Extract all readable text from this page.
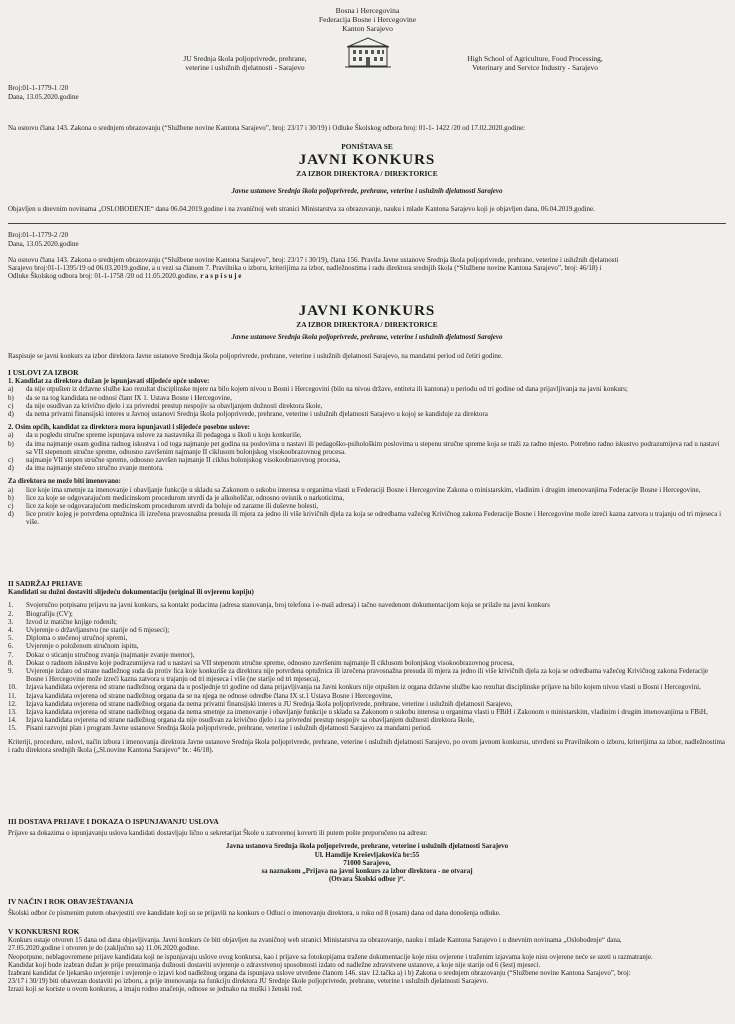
Bosna i Hercegovina
Federacija Bosne i Hercegovine
Kanton Sarajevo
JU Srednja škola poljoprivrede, prehrane,
veterine i uslužnih djelatnosti - Sarajevo
High School of Agriculture, Food Processing,
Veterinary and Service Industry - Sarajevo
Broj:01-1-1779-1 /20
Dana, 13.05.2020.godine
Na osnovu člana 143. Zakona o srednjem obrazovanju (“Službene novine Kantona Sarajevo”, broj: 23/17 i 30/19) i Odluke Školskog odbora broj: 01-1- 1422 /20 od 17.02.2020.godine:
PONIŠTAVA SE
JAVNI KONKURS
ZA IZBOR DIREKTORA / DIREKTORICE
Javne ustanove Srednja škola poljoprivrede, prehrane, veterine i uslužnih djelatnosti Sarajevo
Objavljen u dnevnim novinama „OSLOBOĐENJE“ dana 06.04.2019.godine i na zvaničnoj web stranici Ministarstva za obrazovanje, nauku i mlade Kantona Sarajevo koji je objavljen dana, 06.04.2019.godine.
Broj:01-1-1779-2 /20
Dana, 13.05.2020.godine
Na osnovu člana 143. Zakona o srednjem obrazovanju (“Službene novine Kantona Sarajevo”, broj: 23/17 i 30/19), člana 156. Pravila Javne ustanove Srednja škola poljoprivrede, prehrane, veterine i uslužnih djelatnosti
Sarajevo broj:01-1-1395/19 od 06.03.2019.godine, a u vezi sa članom 7. Pravilnika o izboru, kriterijima za izbor, nadležnostima i radu direktora srednjih škola (“Službene novine Kantona Sarajevo”, broj: 46/18) i
Odluke Školskog odbora broj: 01-1-1758 /20 od 11.05.2020.godine, r a s p i s u j e
JAVNI KONKURS
ZA IZBOR DIREKTORA / DIREKTORICE
Javne ustanove Srednja škola poljoprivrede, prehrane, veterine i uslužnih djelatnosti Sarajevo
Raspisuje se javni konkurs za izbor direktora Javne ustanove Srednja škola poljoprivrede, prehrane, veterine i uslužnih djelatnosti Sarajevo, na mandatni period od četiri godine.
I USLOVI ZA IZBOR
1. Kandidat za direktora dužan je ispunjavati slijedeće opće uslove:
a) da nije otpušten iz državne službe kao rezultat disciplinske mjere na bilo kojem nivou u Bosni i Hercegovini (bilo na nivou države, entiteta ili kantona) u periodu od tri godine od dana prijavljivanja na javni konkurs;
b) da se na tog kandidata ne odnosi člant IX 1. Ustava Bosne i Hercegovine,
c) da nije osuđivan za krivično djelo i za privredni prestup nespojiv sa obavljanjem dužnosti direktora škole,
d) da nema privatni finansijski interes u Javnoj ustanovi Srednja škola poljoprivrede, prehrane, veterine i uslužnih djelatnosti Sarajevo u kojoj se kandiduje za direktora
2. Osim općih, kandidat za direktora mora ispunjavati i slijedeće posebne uslove:
a) da u pogledu stručne spreme ispunjava uslove za nastavnika ili pedagoga u školi u koju konkuriše,
b) da ima najmanje osam godina radnog iskustva i od toga najmanje pet godina na poslovima u nastavi ili pedagoško-psihološkim poslovima u stepenu stručne spreme koja se traži za radno mjesto. Potrebno radno iskustvo podrazumijeva rad u nastavi sa VII stepenom stručne spreme, odnosno završenim najmanje II ciklusom bolonjskog visokoobrazovnog procesa.
c) najmanje VII stepen stručne spreme, odnosno završen najmanje II ciklus bolonjskog visokoobrazovnog procesa,
d) da ima najmanje stečeno stručno zvanje mentora.
Za direktora ne može biti imenovano:
a) lice koje ima smetnje za imenovanje i obavljanje funkcije u skladu sa Zakonom o sukobu interesa u organima vlasti u Federaciji Bosne i Hercegovine Zakona o ministarskim, vladinim i drugim imenovanjima Federacije Bosne i Hercegovine,
b) lice za koje se odgovarajućom medicinskom procedurom utvrdi da je alkoholičar, odnosno ovisnik o narkoticima,
c) lice za koje se odgovarajućom medicinskom procedurom utvrdi da boluje od zarazne ili duševne bolesti,
d) lice protiv kojeg je potvrđena optužnica ili izrečena pravosnažna presuda ili mjera za jedno ili više krivičnih djela za koja se odredbama važećeg Krivičnog zakona Federacije Bosne i Hercegovine može izreći kazna zatvora u trajanju od tri mjeseca i više.
II SADRŽAJ PRIJAVE
Kandidati su dužni dostaviti slijedeću dokumentaciju (original ili ovjerenu kopiju)
1. Svojeručno potpisanu prijavu na javni konkurs, sa kontakt podacima (adresa stanovanja, broj telefona i e-mail adresa) i tačno navedenom dokumentacijom koja se prilaže na javni konkurs
2. Biografiju (CV);
3. Izvod iz matične knjige rođenih;
4. Uvjerenje o državljanstvu (ne starije od 6 mjeseci);
5. Diploma o stečenoj stručnoj spremi,
6. Uvjerenje o položenom stručnom ispitu,
7. Dokaz o sticanju stručnog zvanja (najmanje zvanje mentor),
8. Dokaz o radnom iskustvu koje podrazumijeva rad u nastavi sa VII stepenom stručne spreme, odnosno završenim najmanje II ciklusom bolonjskog visokoobrazovnog procesa,
9. Uvjerenje izdato od strane nadležnog suda da protiv lica koje konkuriše za direktora nije potvrđena optužnica ili izrečena pravosnažna presuda ili mjera za jedno ili više krivičnih djela za koja se odredbama važećeg Krivičnog zakona Federacije Bosne i Hercegovine može izreći kazna zatvora u trajanju od tri mjeseca i više (ne starije od tri mjeseca),
10. Izjava kandidata ovjerena od strane nadležnog organa da u posljednje tri godine od dana prijavljivanja na Javni konkurs nije otpušten iz organa državne službe kao rezultat disciplinske prijave na bilo kojem nivou vlasti u Bosni i Hercegovini,
11. Izjava kandidata ovjerena od strane nadležnog organa da se na njega ne odnose odredbe člana IX st.1 Ustava Bosne i Hercegovine,
12. Izjava kandidata ovjerena od strane nadležnog organa da nema privatni finansijski interes u JU Srednja škola poljoprivrede, prehrane, veterine i uslužnih djelatnosti Sarajevo,
13. Izjava kandidata ovjerena od strane nadležnog organa da nema smetnje za imenovanje i obavljanje funkcije u skladu sa Zakonom o sukobu interesa u organima vlasti u FBiH i Zakonom o ministarskim, vladinim i drugim imenovanjima u FBiH,
14. Izjava kandidata ovjerena od strane nadležnog organa da nije osuđivan za krivično djelo i za privredni prestup nespojiv sa obavljanjem dužnosti direktora škole,
15. Pisani razvojni plan i program Javne ustanove Srednja škola poljoprivrede, prehrane, veterine i uslužnih djelatnosti Sarajevo za mandatni period.
Kriteriji, procedure, uslovi, način izbora i imenovanja direktora Javne ustanove Srednja škola poljoprivrede, prehrane, veterine i uslužnih djelatnosti Sarajevo, po ovom javnom konkursu, utvrđeni su Pravilnikom o izboru, kriterijima za izbor, nadležnostima i radu direktora srednjih škola („Sl.novine Kantona Sarajevo“ br.: 46/18).
III DOSTAVA PRIJAVE I DOKAZA O ISPUNJAVANJU USLOVA
Prijave sa dokazima o ispunjavanju uslova kandidati dostavljaju lično u sekretarijat Škole u zatvorenoj koverti ili putem pošte preporučeno na adresu:
Javna ustanova Srednja škola poljoprivrede, prehrane, veterine i uslužnih djelatnosti Sarajevo
Ul. Hamdije Kreševljakovića br:55
71000 Sarajevo,
sa naznakom „Prijava na javni konkurs za izbor direktora - ne otvaraj
(Otvara Školski odbor )“.
IV NAČIN I ROK OBAVJEŠTAVANJA
Školski odbor će pismenim putem obavjestiti sve kandidate koji su se prijavili na konkurs o Odluci o imenovanju direktora, u roku od 8 (osam) dana od dana donošenja odluke.
V KONKURSNI ROK
Konkurs ostaje otvoren 15 dana od dana objavljivanja. Javni konkurs će biti objavljen na zvaničnoj web stranici Ministarstva za obrazovanje, nauku i mlade Kantona Sarajevo i u dnevnim novinama „Oslobođenje“ dana,
27.05.2020.godine i otvoren je do (zaključno sa) 11.06.2020.godine.
Neopotpune, neblagovremene prijave kandidata koji ne ispunjavaju uslove ovog konkursa, kao i prijave sa fotokopijama tražene dokumentacije koje nisu ovjerene i traženim izjavama koje nisu ovjerene neće se uzeti u razmatranje.
Kandidat koji bude izabran dužan je prije preuzimanja dužnosti dostaviti uvjerenje o zdravstvenoj sposobnosti izdato od nadležne zdravstvene ustanove, a koje nije starije od 6 (šest) mjeseci.
Izabrani kandidat će ljekarsko uvjerenje i uvjerenje o izjavi kod nadležnog organa da ispunjava uslove utvrđene članom 146. stav 12.tačka a) i b) Zakona o srednjem obrazovanju (“Službene novine Kantona Sarajevo”, broj:
23/17 i 30/19) biti obavezan dostaviti po izboru, a prije imenovanja na funkciju direktora JU Srednje škole poljoprivrede, prehrane, veterine i uslužnih djelatnosti Sarajevo.
Izrazi koji se koriste u ovom konkursu, a imaju rodno značenje, odnose se jednako na muški i ženski rod.
